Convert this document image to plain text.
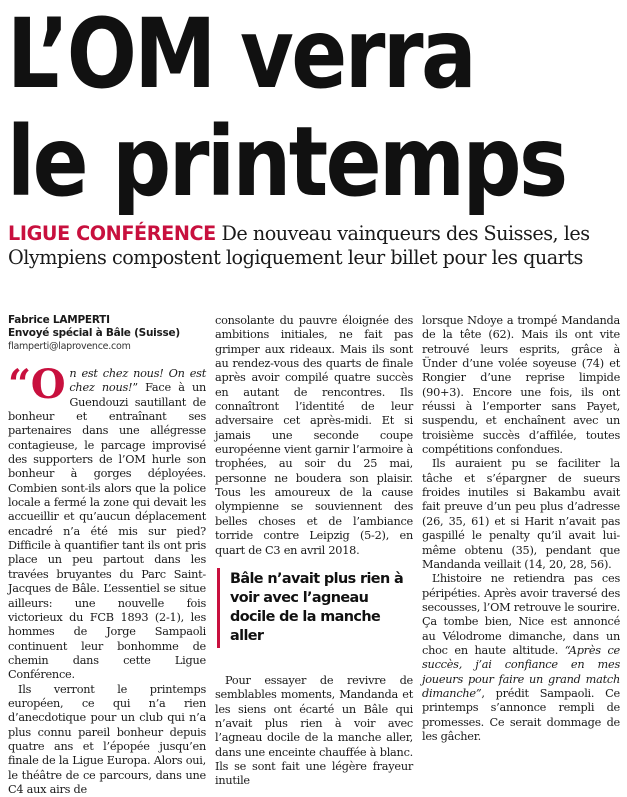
L’OM verra
le printemps

LIGUE CONFÉRENCE De nouveau vainqueurs des Suisses, les Olympiens compostent logiquement leur billet pour les quarts

Fabrice LAMPERTI
Envoyé spécial à Bâle (Suisse)
flamperti@laprovence.com

“On est chez nous! On est chez nous!” Face à un Guendouzi sautillant de bonheur et entraînant ses partenaires dans une allégresse contagieuse, le parcage improvisé des supporters de l’OM hurle son bonheur à gorges déployées. Combien sont-ils alors que la police locale a fermé la zone qui devait les accueillir et qu’aucun déplacement encadré n’a été mis sur pied? Difficile à quantifier tant ils ont pris place un peu partout dans les travées bruyantes du Parc Saint-Jacques de Bâle. L’essentiel se situe ailleurs: une nouvelle fois victorieux du FCB 1893 (2-1), les hommes de Jorge Sampaoli continuent leur bonhomme de chemin dans cette Ligue Conférence.

Ils verront le printemps européen, ce qui n’a rien d’anecdotique pour un club qui n’a plus connu pareil bonheur depuis quatre ans et l’épopée jusqu’en finale de la Ligue Europa. Alors oui, le théâtre de ce parcours, dans une C4 aux airs de

consolante du pauvre éloignée des ambitions initiales, ne fait pas grimper aux rideaux. Mais ils sont au rendez-vous des quarts de finale après avoir compilé quatre succès en autant de rencontres. Ils connaîtront l’identité de leur adversaire cet après-midi. Et si jamais une seconde coupe européenne vient garnir l’armoire à trophées, au soir du 25 mai, personne ne boudera son plaisir. Tous les amoureux de la cause olympienne se souviennent des belles choses et de l’ambiance torride contre Leipzig (5-2), en quart de C3 en avril 2018.

Bâle n’avait plus rien à voir avec l’agneau docile de la manche aller

Pour essayer de revivre de semblables moments, Mandanda et les siens ont écarté un Bâle qui n’avait plus rien à voir avec l’agneau docile de la manche aller, dans une enceinte chauffée à blanc. Ils se sont fait une légère frayeur inutile

lorsque Ndoye a trompé Mandanda de la tête (62). Mais ils ont vite retrouvé leurs esprits, grâce à Ünder d’une volée soyeuse (74) et Rongier d’une reprise limpide (90+3). Encore une fois, ils ont réussi à l’emporter sans Payet, suspendu, et enchaînent avec un troisième succès d’affilée, toutes compétitions confondues.

Ils auraient pu se faciliter la tâche et s’épargner de sueurs froides inutiles si Bakambu avait fait preuve d’un peu plus d’adresse (26, 35, 61) et si Harit n’avait pas gaspillé le penalty qu’il avait lui-même obtenu (35), pendant que Mandanda veillait (14, 20, 28, 56).

L’histoire ne retiendra pas ces péripéties. Après avoir traversé des secousses, l’OM retrouve le sourire. Ça tombe bien, Nice est annoncé au Vélodrome dimanche, dans un choc en haute altitude. “Après ce succès, j’ai confiance en mes joueurs pour faire un grand match dimanche”, prédit Sampaoli. Ce printemps s’annonce rempli de promesses. Ce serait dommage de les gâcher.
